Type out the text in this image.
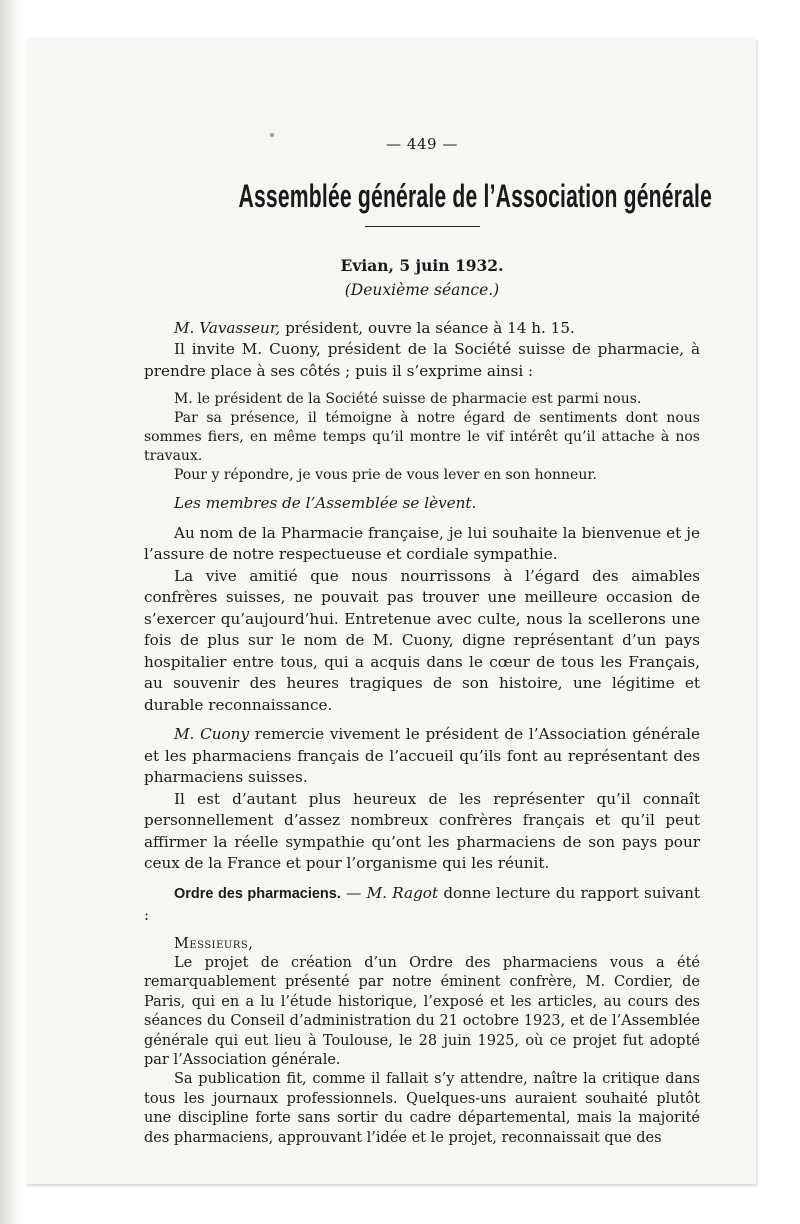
— 449 —
Assemblée générale de l’Association générale
Evian, 5 juin 1932.
(Deuxième séance.)

M. Vavasseur, président, ouvre la séance à 14 h. 15.

Il invite M. Cuony, président de la Société suisse de pharmacie, à prendre place à ses côtés ; puis il s’exprime ainsi :

M. le président de la Société suisse de pharmacie est parmi nous.

Par sa présence, il témoigne à notre égard de sentiments dont nous sommes fiers, en même temps qu’il montre le vif intérêt qu’il attache à nos travaux.

Pour y répondre, je vous prie de vous lever en son honneur.

Les membres de l’Assemblée se lèvent.

Au nom de la Pharmacie française, je lui souhaite la bienvenue et je l’assure de notre respectueuse et cordiale sympathie.

La vive amitié que nous nourrissons à l’égard des aimables confrères suisses, ne pouvait pas trouver une meilleure occasion de s’exercer qu’aujourd’hui. Entretenue avec culte, nous la scellerons une fois de plus sur le nom de M. Cuony, digne représentant d’un pays hospitalier entre tous, qui a acquis dans le cœur de tous les Français, au souvenir des heures tragiques de son histoire, une légitime et durable reconnaissance.

M. Cuony remercie vivement le président de l’Association générale et les pharmaciens français de l’accueil qu’ils font au représentant des pharmaciens suisses.

Il est d’autant plus heureux de les représenter qu’il connaît personnellement d’assez nombreux confrères français et qu’il peut affirmer la réelle sympathie qu’ont les pharmaciens de son pays pour ceux de la France et pour l’organisme qui les réunit.

Ordre des pharmaciens. — M. Ragot donne lecture du rapport suivant :

Messieurs,

Le projet de création d’un Ordre des pharmaciens vous a été remarquablement présenté par notre éminent confrère, M. Cordier, de Paris, qui en a lu l’étude historique, l’exposé et les articles, au cours des séances du Conseil d’administration du 21 octobre 1923, et de l’Assemblée générale qui eut lieu à Toulouse, le 28 juin 1925, où ce projet fut adopté par l’Association générale.

Sa publication fit, comme il fallait s’y attendre, naître la critique dans tous les journaux professionnels. Quelques-uns auraient souhaité plutôt une discipline forte sans sortir du cadre départemental, mais la majorité des pharmaciens, approuvant l’idée et le projet, reconnaissait que des
